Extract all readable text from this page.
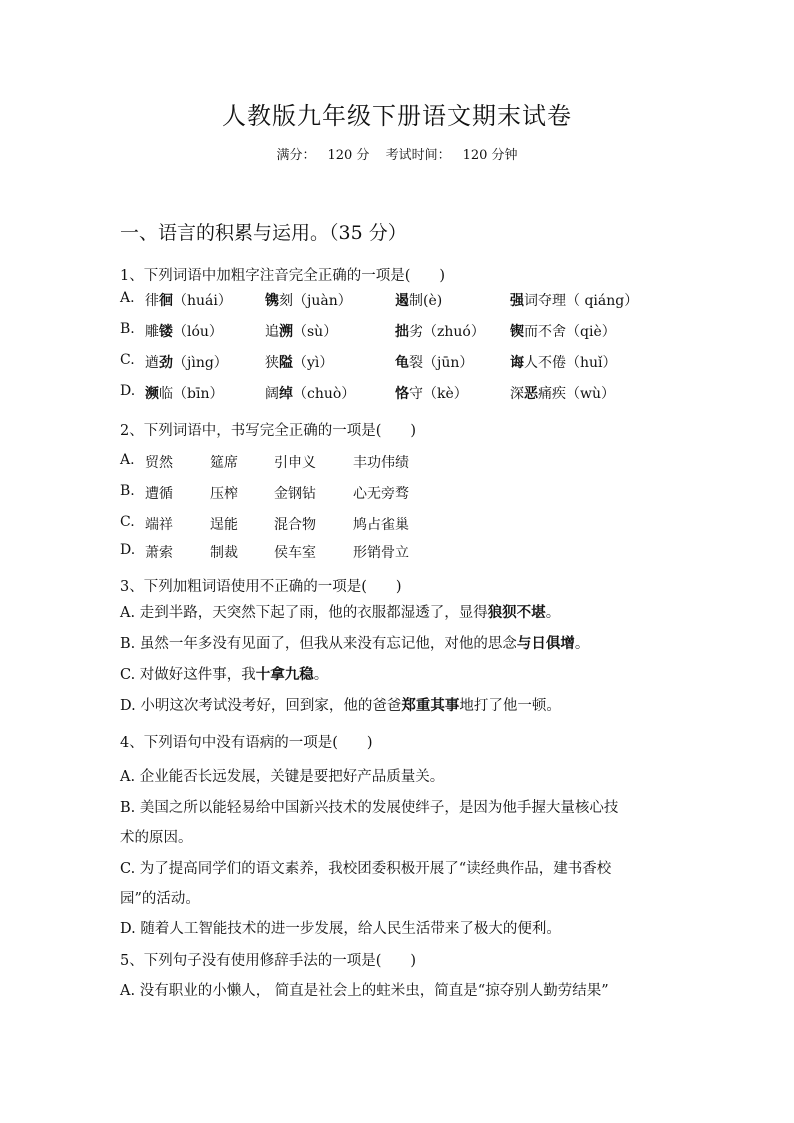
人教版九年级下册语文期末试卷
满分： 120 分 考试时间： 120 分钟
一、语言的积累与运用。（35 分）
1、下列词语中加粗字注音完全正确的一项是(　　)
A. 徘徊（huái） 镌刻（juàn）	遏制(è)	强词夺理（ qiáng）
B. 雕镂（lóu）	追溯（sù）	拙劣（zhuó） 锲而不舍（qiè）
C. 遒劲（jìng）	狭隘（yì）	龟裂（jūn）	诲人不倦（huǐ）
D. 濒临（bīn）	阔绰（chuò）	恪守（kè）	深恶痛疾（wù）
2、下列词语中，书写完全正确的一项是(　　)
A. 贸然	筵席	引申义	丰功伟绩
B. 遭循	压榨	金钢钻	心无旁骛
C. 端祥	逞能	混合物	鸠占雀巢
D. 萧索	制裁	侯车室	形销骨立
3、下列加粗词语使用不正确的一项是(　　)
A. 走到半路，天突然下起了雨，他的衣服都湿透了，显得狼狈不堪。
B. 虽然一年多没有见面了，但我从来没有忘记他，对他的思念与日俱增。
C. 对做好这件事，我十拿九稳。
D. 小明这次考试没考好，回到家，他的爸爸郑重其事地打了他一顿。
4、下列语句中没有语病的一项是(　　)
A. 企业能否长远发展，关键是要把好产品质量关。
B. 美国之所以能轻易给中国新兴技术的发展使绊子，是因为他手握大量核心技
术的原因。
C. 为了提高同学们的语文素养，我校团委积极开展了“读经典作品，建书香校
园”的活动。
D. 随着人工智能技术的进一步发展，给人民生活带来了极大的便利。
5、下列句子没有使用修辞手法的一项是(　　)
A. 没有职业的小懒人， 简直是社会上的蛀米虫，简直是“掠夺别人勤劳结果”
